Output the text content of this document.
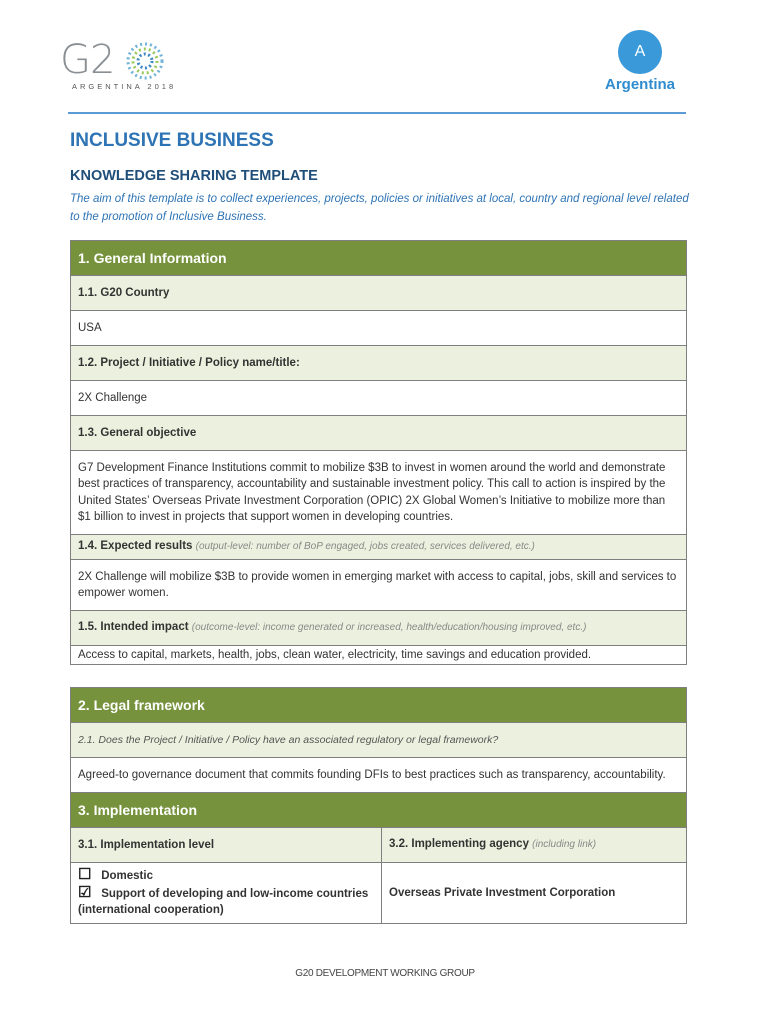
G2
ARGENTINA 2018
A
Argentina
INCLUSIVE BUSINESS
KNOWLEDGE SHARING TEMPLATE
The aim of this template is to collect experiences, projects, policies or initiatives at local, country and regional level related to the promotion of Inclusive Business.
1. General Information	
1.1. G20 Country	
USA	
1.2. Project / Initiative / Policy name/title:	
2X Challenge	
1.3. General objective	
G7 Development Finance Institutions commit to mobilize $3B to invest in women around the world and demonstrate best practices of transparency, accountability and sustainable investment policy. This call to action is inspired by the United States’ Overseas Private Investment Corporation (OPIC) 2X Global Women’s Initiative to mobilize more than $1 billion to invest in projects that support women in developing countries.	
1.4. Expected results (output-level: number of BoP engaged, jobs created, services delivered, etc.)	
2X Challenge will mobilize $3B to provide women in emerging market with access to capital, jobs, skill and services to empower women.	
1.5. Intended impact (outcome-level: income generated or increased, health/education/housing improved, etc.)	
Access to capital, markets, health, jobs, clean water, electricity, time savings and education provided.	

2. Legal framework	
2.1. Does the Project / Initiative / Policy have an associated regulatory or legal framework?	
Agreed-to governance document that commits founding DFIs to best practices such as transparency, accountability.	
3. Implementation	
3.1. Implementation level	3.2. Implementing agency (including link)

☐ Domestic
☑ Support of developing and low-income countries (international cooperation)	Overseas Private Investment Corporation
G20 DEVELOPMENT WORKING GROUP
